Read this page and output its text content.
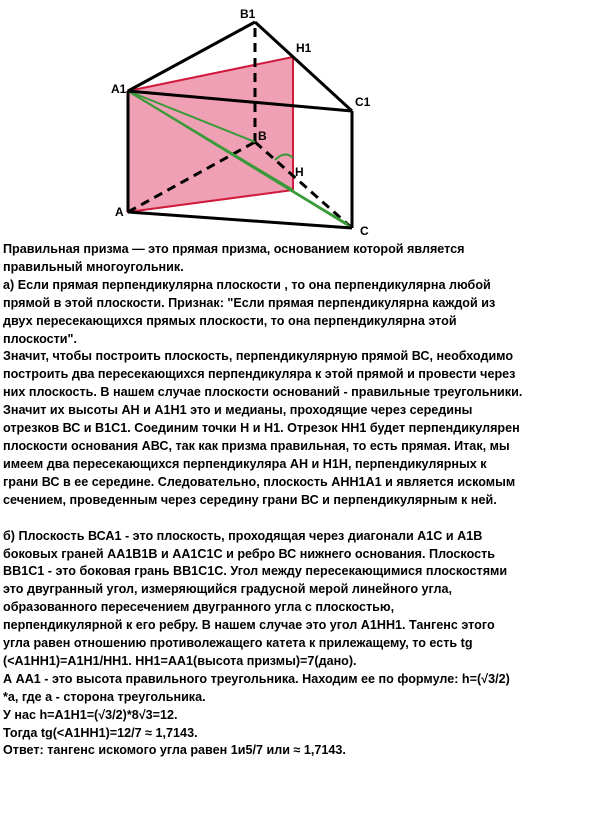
B1
H1
A1
C1
B
H
A
C

Правильная призма — это прямая призма, основанием которой является
правильный многоугольник.
а) Если прямая перпендикулярна плоскости , то она перпендикулярна любой
прямой в этой плоскости. Признак: "Если прямая перпендикулярна каждой из
двух пересекающихся прямых плоскости, то она перпендикулярна этой
плоскости".
Значит, чтобы построить плоскость, перпендикулярную прямой ВС, необходимо
построить два пересекающихся перпендикуляра к этой прямой и провести через
них плоскость. В нашем случае плоскости оснований - правильные треугольники.
Значит их высоты АН и А1Н1 это и медианы, проходящие через середины
отрезков ВС и В1С1. Соединим точки Н и Н1. Отрезок НН1 будет перпендикулярен
плоскости основания АВС, так как призма правильная, то есть прямая. Итак, мы
имеем два пересекающихся перпендикуляра АН и Н1Н, перпендикулярных к
грани ВС в ее середине. Следовательно, плоскость АНН1А1 и является искомым
сечением, проведенным через середину грани ВС и перпендикулярным к ней.

б) Плоскость ВСА1 - это плоскость, проходящая через диагонали А1С и А1В
боковых граней АА1В1В и АА1С1С и ребро ВС нижнего основания. Плоскость
ВВ1С1 - это боковая грань ВВ1С1С. Угол между пересекающимися плоскостями
это двугранный угол, измеряющийся градусной мерой линейного угла,
образованного пересечением двугранного угла с плоскостью,
перпендикулярной к его ребру. В нашем случае это угол А1НН1. Тангенс этого
угла равен отношению противолежащего катета к прилежащему, то есть tg
(<А1НН1)=А1Н1/НН1. НН1=АА1(высота призмы)=7(дано).
А АА1 - это высота правильного треугольника. Находим ее по формуле: h=(√3/2)
*а, где а - сторона треугольника.
У нас h=А1Н1=(√3/2)*8√3=12.
Тогда tg(<А1НН1)=12/7 ≈ 1,7143.
Ответ: тангенс искомого угла равен 1и5/7 или ≈ 1,7143.
